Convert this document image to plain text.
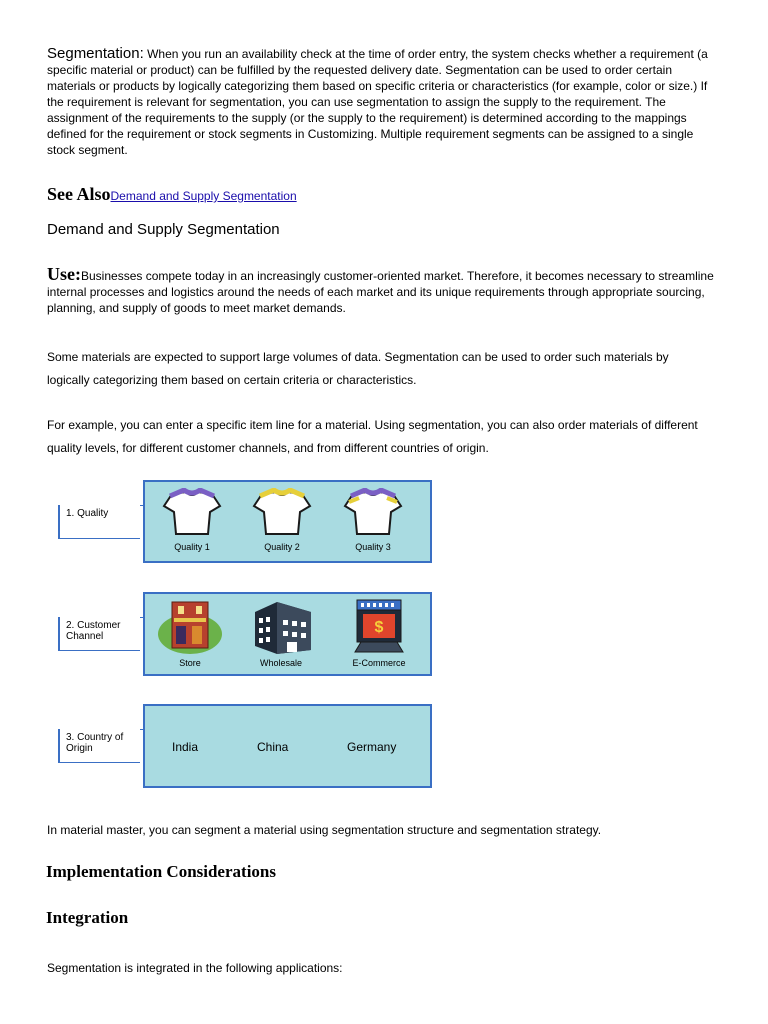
Segmentation: When you run an availability check at the time of order entry, the system checks whether a requirement (a specific material or product) can be fulfilled by the requested delivery date. Segmentation can be used to order certain materials or products by logically categorizing them based on specific criteria or characteristics (for example, color or size.) If the requirement is relevant for segmentation, you can use segmentation to assign the supply to the requirement. The assignment of the requirements to the supply (or the supply to the requirement) is determined according to the mappings defined for the requirement or stock segments in Customizing. Multiple requirement segments can be assigned to a single stock segment.

See AlsoDemand and Supply Segmentation
Demand and Supply Segmentation

Use:Businesses compete today in an increasingly customer-oriented market. Therefore, it becomes necessary to streamline internal processes and logistics around the needs of each market and its unique requirements through appropriate sourcing, planning, and supply of goods to meet market demands.

Some materials are expected to support large volumes of data. Segmentation can be used to order such materials by logically categorizing them based on certain criteria or characteristics.

For example, you can enter a specific item line for a material. Using segmentation, you can also order materials of different quality levels, for different customer channels, and from different countries of origin.

1. Quality
Quality 1	Quality 2	Quality 3
2. Customer Channel
Store	Wholesale
$
E-Commerce
3. Country of Origin	India	China	Germany

In material master, you can segment a material using segmentation structure and segmentation strategy.

Implementation Considerations
Integration

Segmentation is integrated in the following applications:
